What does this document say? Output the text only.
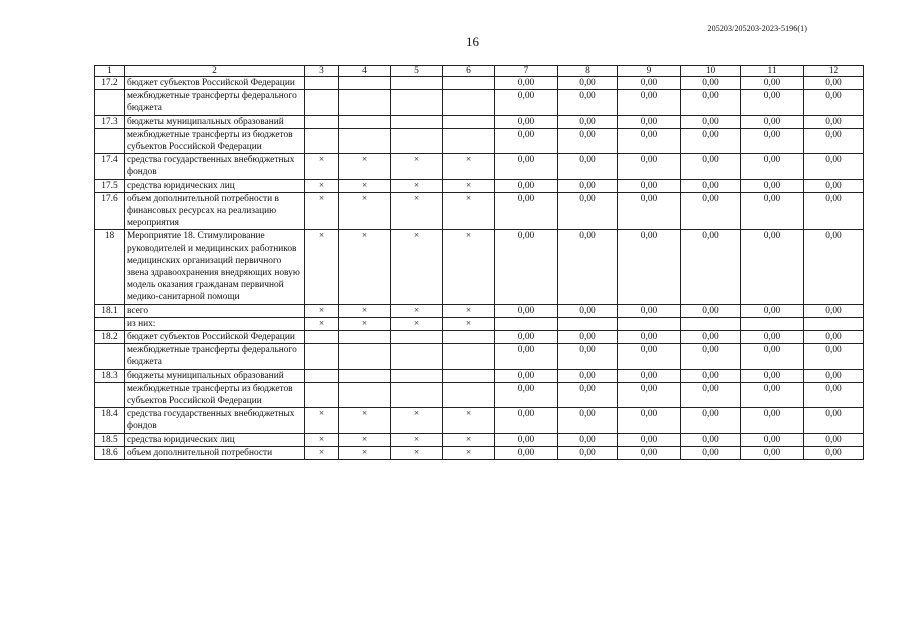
205203/205203-2023-5196(1)
16
1	2	3	4	5	6	7	8	9	10	11	12
17.2	бюджет субъектов Российской Федерации					0,00	0,00	0,00	0,00	0,00	0,00
	межбюджетные трансферты федерального бюджета					0,00	0,00	0,00	0,00	0,00	0,00
17.3	бюджеты муниципальных образований					0,00	0,00	0,00	0,00	0,00	0,00
	межбюджетные трансферты из бюджетов субъектов Российской Федерации					0,00	0,00	0,00	0,00	0,00	0,00
17.4	средства государственных внебюджетных фондов	×	×	×	×	0,00	0,00	0,00	0,00	0,00	0,00
17.5	средства юридических лиц	×	×	×	×	0,00	0,00	0,00	0,00	0,00	0,00
17.6	объем дополнительной потребности в финансовых ресурсах на реализацию мероприятия	×	×	×	×	0,00	0,00	0,00	0,00	0,00	0,00
18	Мероприятие 18. Стимулирование руководителей и медицинских работников медицинских организаций первичного звена здравоохранения внедряющих новую модель оказания гражданам первичной медико-санитарной помощи	×	×	×	×	0,00	0,00	0,00	0,00	0,00	0,00
18.1	всего	×	×	×	×	0,00	0,00	0,00	0,00	0,00	0,00
	из них:	×	×	×	×						
18.2	бюджет субъектов Российской Федерации					0,00	0,00	0,00	0,00	0,00	0,00
	межбюджетные трансферты федерального бюджета					0,00	0,00	0,00	0,00	0,00	0,00
18.3	бюджеты муниципальных образований					0,00	0,00	0,00	0,00	0,00	0,00
	межбюджетные трансферты из бюджетов субъектов Российской Федерации					0,00	0,00	0,00	0,00	0,00	0,00
18.4	средства государственных внебюджетных фондов	×	×	×	×	0,00	0,00	0,00	0,00	0,00	0,00
18.5	средства юридических лиц	×	×	×	×	0,00	0,00	0,00	0,00	0,00	0,00
18.6	объем дополнительной потребности	×	×	×	×	0,00	0,00	0,00	0,00	0,00	0,00
